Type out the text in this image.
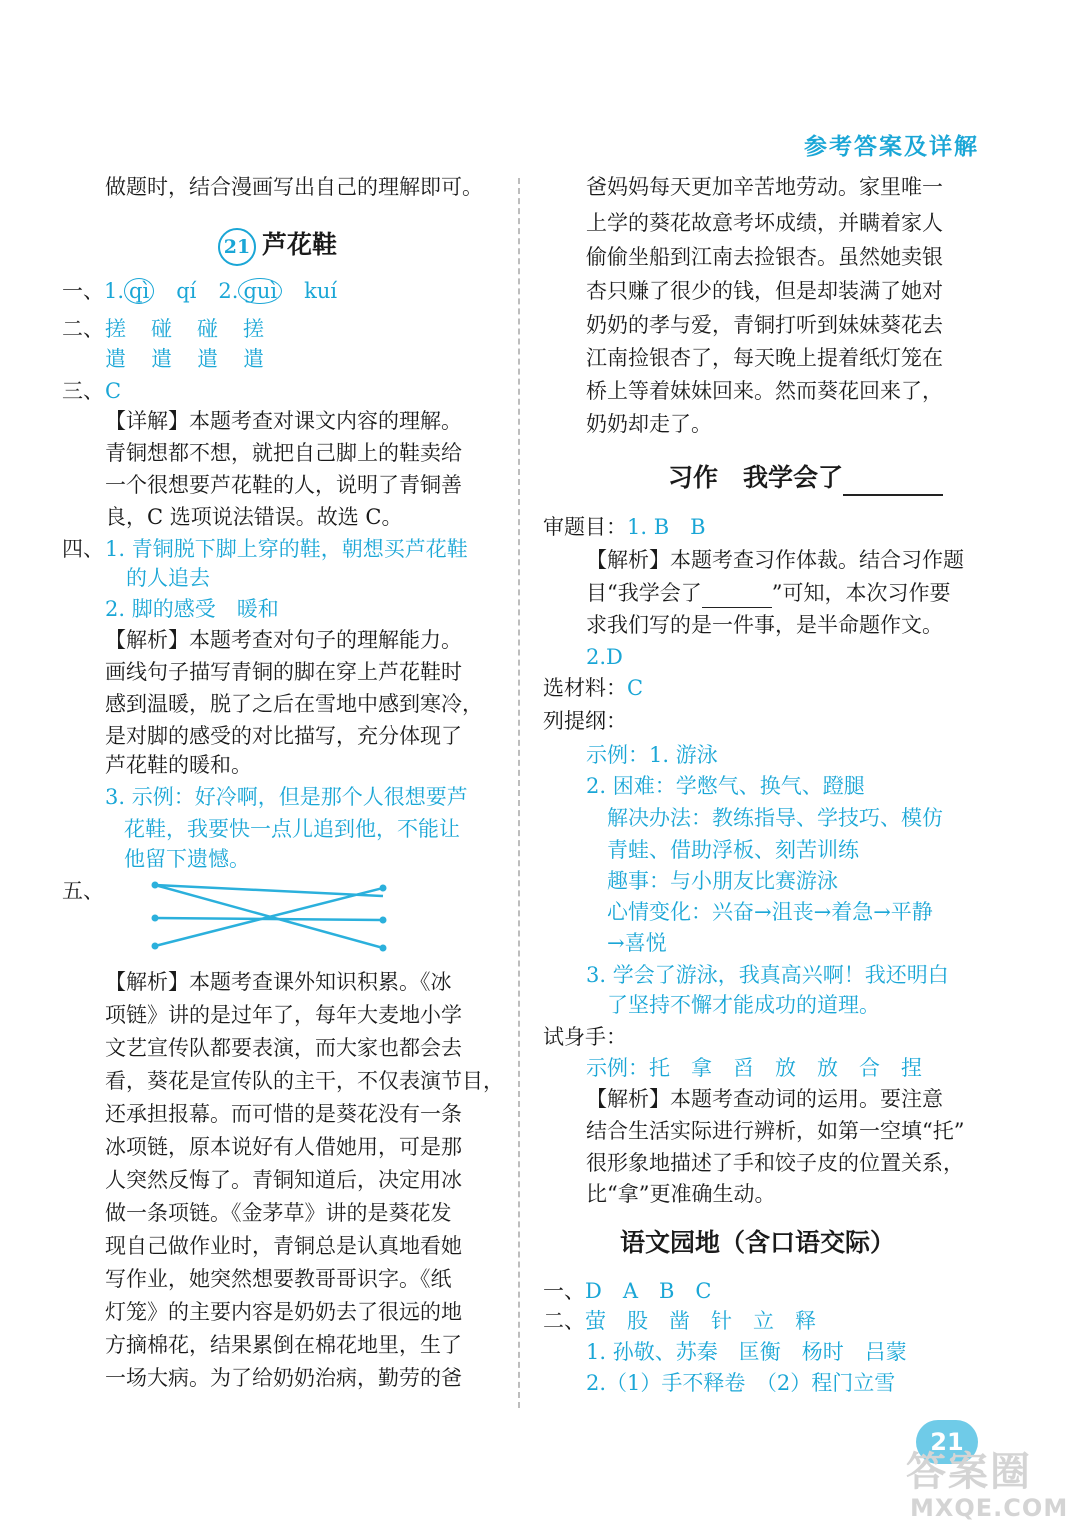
参考答案及详解
做题时，结合漫画写出自己的理解即可。
21 芦花鞋
一、1. qì qí 2. guì kuí
二、 搓　碰　碰　搓
遣　遣　遣　遣
三、 C
【详解】本题考查对课文内容的理解。
青铜想都不想，就把自己脚上的鞋卖给
一个很想要芦花鞋的人，说明了青铜善
良，C 选项说法错误。故选 C。
四、 1. 青铜脱下脚上穿的鞋，朝想买芦花鞋
的人追去
2. 脚的感受　暖和
【解析】本题考查对句子的理解能力。
画线句子描写青铜的脚在穿上芦花鞋时
感到温暖，脱了之后在雪地中感到寒冷，
是对脚的感受的对比描写，充分体现了
芦花鞋的暖和。
3. 示例：好冷啊，但是那个人很想要芦
花鞋，我要快一点儿追到他，不能让
他留下遗憾。
五、
【解析】本题考查课外知识积累。《冰
项链》讲的是过年了，每年大麦地小学
文艺宣传队都要表演，而大家也都会去
看，葵花是宣传队的主干，不仅表演节目，
还承担报幕。而可惜的是葵花没有一条
冰项链，原本说好有人借她用，可是那
人突然反悔了。青铜知道后，决定用冰
做一条项链。《金茅草》讲的是葵花发
现自己做作业时，青铜总是认真地看她
写作业，她突然想要教哥哥识字。《纸
灯笼》的主要内容是奶奶去了很远的地
方摘棉花，结果累倒在棉花地里，生了
一场大病。为了给奶奶治病，勤劳的爸
爸妈妈每天更加辛苦地劳动。家里唯一
上学的葵花故意考坏成绩，并瞒着家人
偷偷坐船到江南去捡银杏。虽然她卖银
杏只赚了很少的钱，但是却装满了她对
奶奶的孝与爱，青铜打听到妹妹葵花去
江南捡银杏了，每天晚上提着纸灯笼在
桥上等着妹妹回来。然而葵花回来了，
奶奶却走了。
习作　我学会了
审题目：1. B　B
【解析】本题考查习作体裁。结合习作题
目“我学会了	”可知，本次习作要
求我们写的是一件事，是半命题作文。
2.D
选材料：C
列提纲：
示例：1. 游泳
2. 困难：学憋气、换气、蹬腿
解决办法：教练指导、学技巧、模仿
青蛙、借助浮板、刻苦训练
趣事：与小朋友比赛游泳
心情变化：兴奋→沮丧→着急→平静
→喜悦
3. 学会了游泳，我真高兴啊！我还明白
了坚持不懈才能成功的道理。
试身手：
示例：托　拿　舀　放　放　合　捏
【解析】本题考查动词的运用。要注意
结合生活实际进行辨析，如第一空填“托”
很形象地描述了手和饺子皮的位置关系，
比“拿”更准确生动。
语文园地（含口语交际）
一、D　A　B　C
二、萤　股　凿　针　立　释
1. 孙敬、苏秦　匡衡　杨时　吕蒙
2.（1）手不释卷　（2）程门立雪
21
答案圈
MXQE.COM
